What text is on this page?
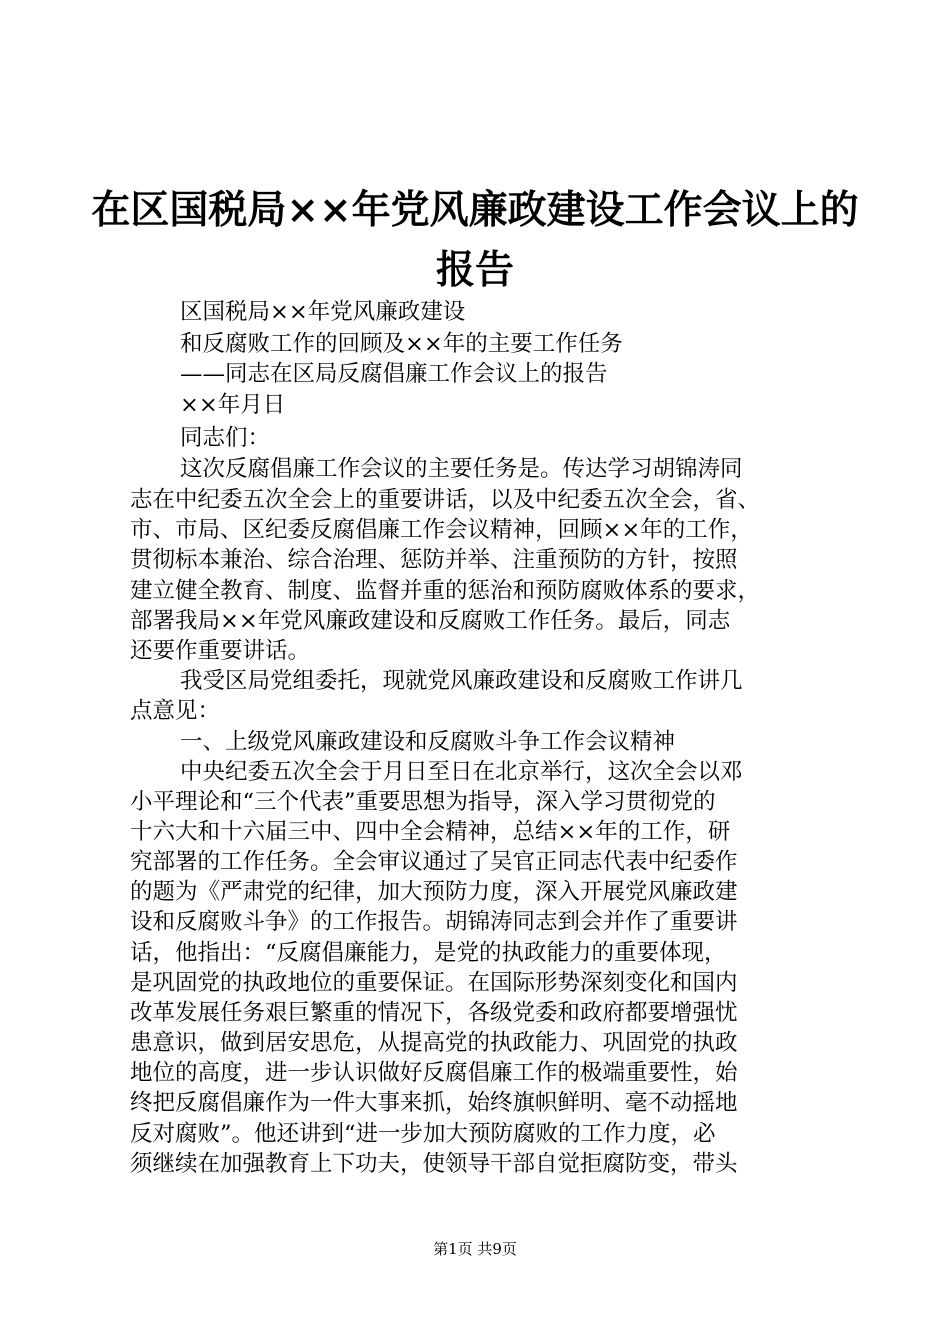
在区国税局××年党风廉政建设工作会议上的
报告

区国税局××年党风廉政建设

和反腐败工作的回顾及××年的主要工作任务

——同志在区局反腐倡廉工作会议上的报告

××年月日

同志们：

这次反腐倡廉工作会议的主要任务是。传达学习胡锦涛同

志在中纪委五次全会上的重要讲话，以及中纪委五次全会，省、

市、市局、区纪委反腐倡廉工作会议精神，回顾××年的工作，

贯彻标本兼治、综合治理、惩防并举、注重预防的方针，按照

建立健全教育、制度、监督并重的惩治和预防腐败体系的要求，

部署我局××年党风廉政建设和反腐败工作任务。最后，同志

还要作重要讲话。

我受区局党组委托，现就党风廉政建设和反腐败工作讲几

点意见：

一、上级党风廉政建设和反腐败斗争工作会议精神

中央纪委五次全会于月日至日在北京举行，这次全会以邓

小平理论和“三个代表”重要思想为指导，深入学习贯彻党的

十六大和十六届三中、四中全会精神，总结××年的工作，研

究部署的工作任务。全会审议通过了吴官正同志代表中纪委作

的题为《严肃党的纪律，加大预防力度，深入开展党风廉政建

设和反腐败斗争》的工作报告。胡锦涛同志到会并作了重要讲

话，他指出：“反腐倡廉能力，是党的执政能力的重要体现，

是巩固党的执政地位的重要保证。在国际形势深刻变化和国内

改革发展任务艰巨繁重的情况下，各级党委和政府都要增强忧

患意识，做到居安思危，从提高党的执政能力、巩固党的执政

地位的高度，进一步认识做好反腐倡廉工作的极端重要性，始

终把反腐倡廉作为一件大事来抓，始终旗帜鲜明、毫不动摇地

反对腐败”。他还讲到“进一步加大预防腐败的工作力度，必

须继续在加强教育上下功夫，使领导干部自觉拒腐防变，带头

第1页 共9页
